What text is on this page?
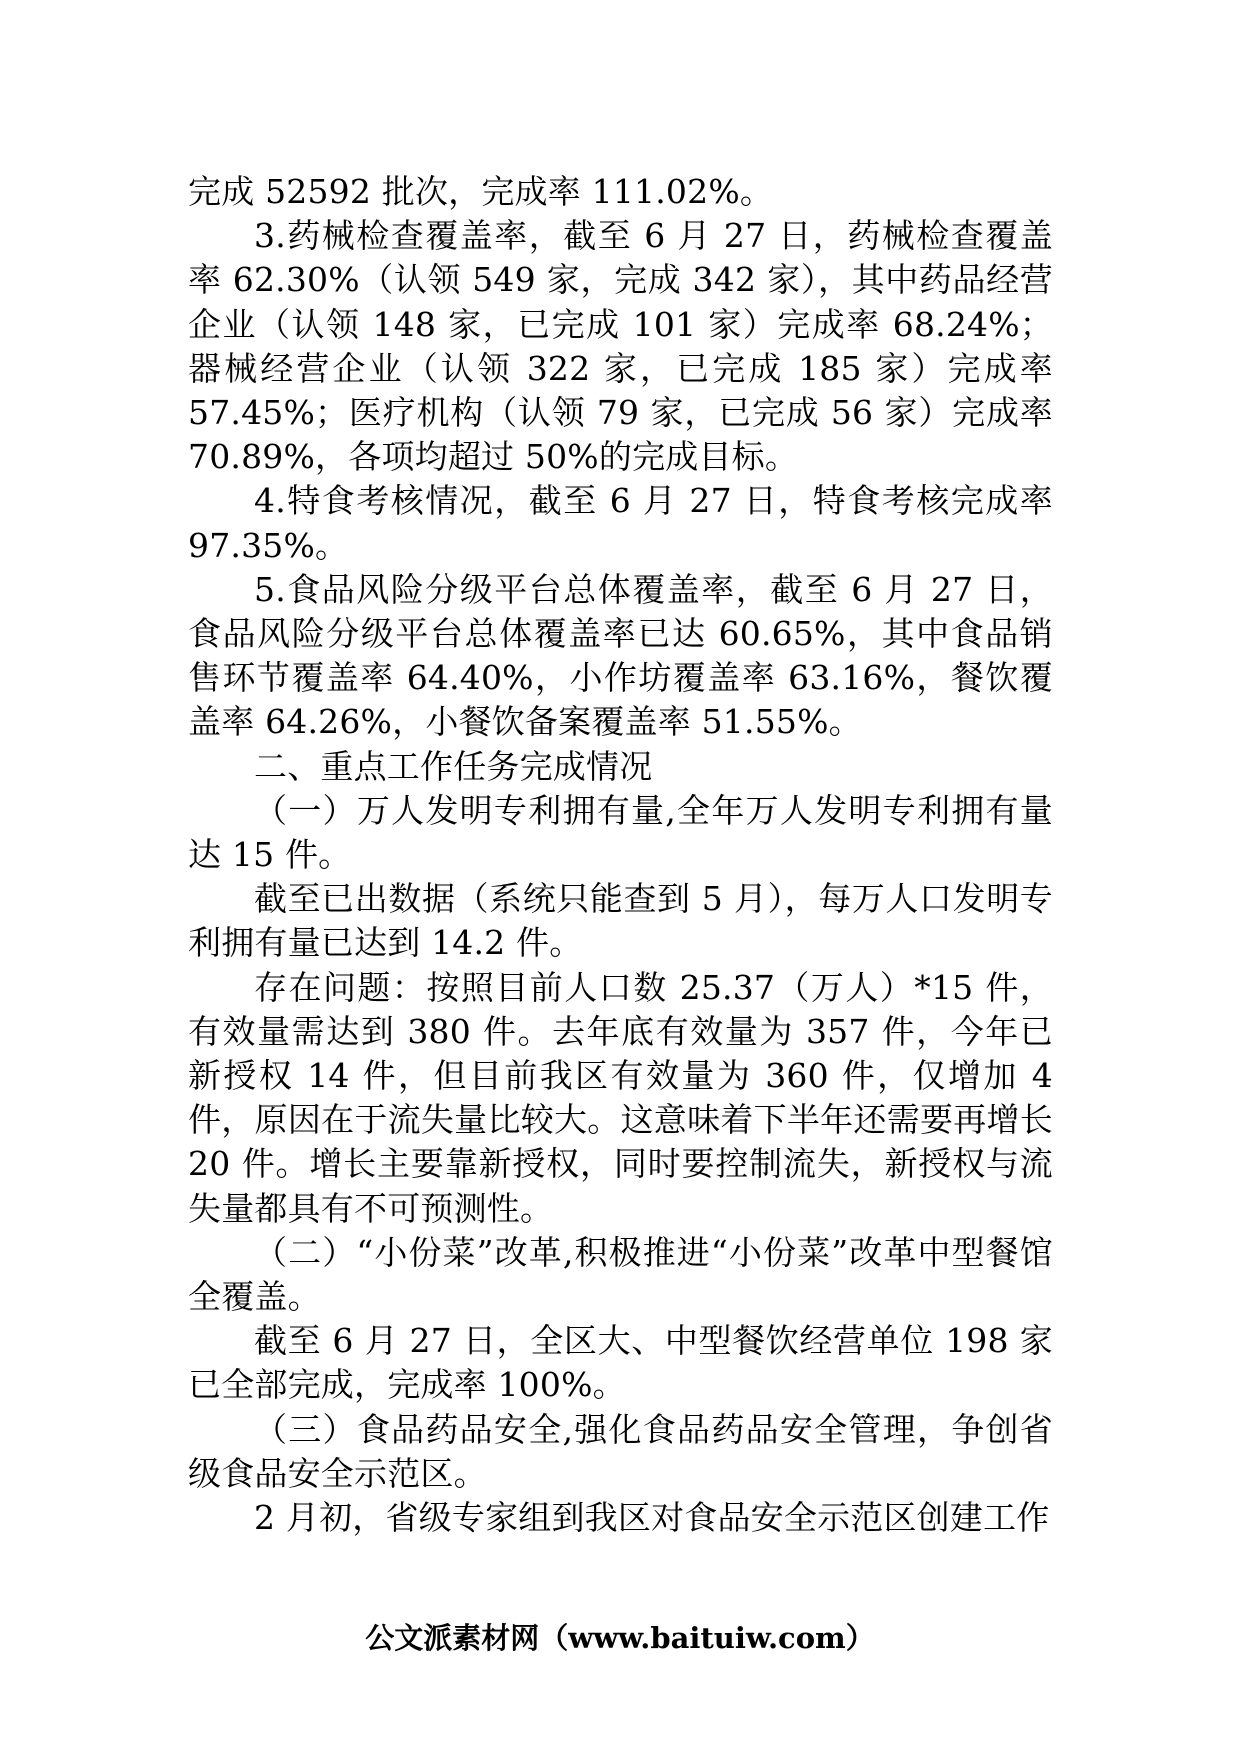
完成 52592 批次，完成率 111.02%。

3.药械检查覆盖率，截至 6 月 27 日，药械检查覆盖率 62.30%（认领 549 家，完成 342 家），其中药品经营企业（认领 148 家，已完成 101 家）完成率 68.24%；器械经营企业（认领 322 家，已完成 185 家）完成率 57.45%；医疗机构（认领 79 家，已完成 56 家）完成率 70.89%，各项均超过 50%的完成目标。

4.特食考核情况，截至 6 月 27 日，特食考核完成率 97.35%。

5.食品风险分级平台总体覆盖率，截至 6 月 27 日，食品风险分级平台总体覆盖率已达 60.65%，其中食品销售环节覆盖率 64.40%，小作坊覆盖率 63.16%，餐饮覆盖率 64.26%，小餐饮备案覆盖率 51.55%。

二、重点工作任务完成情况

（一）万人发明专利拥有量,全年万人发明专利拥有量达 15 件。

截至已出数据（系统只能查到 5 月），每万人口发明专利拥有量已达到 14.2 件。

存在问题：按照目前人口数 25.37（万人）*15 件，有效量需达到 380 件。去年底有效量为 357 件，今年已新授权 14 件，但目前我区有效量为 360 件，仅增加 4 件，原因在于流失量比较大。这意味着下半年还需要再增长 20 件。增长主要靠新授权，同时要控制流失，新授权与流失量都具有不可预测性。

（二）“小份菜”改革,积极推进“小份菜”改革中型餐馆全覆盖。

截至 6 月 27 日，全区大、中型餐饮经营单位 198 家已全部完成，完成率 100%。

（三）食品药品安全,强化食品药品安全管理，争创省级食品安全示范区。

2 月初，省级专家组到我区对食品安全示范区创建工作

公文派素材网（www.baituiw.com）
